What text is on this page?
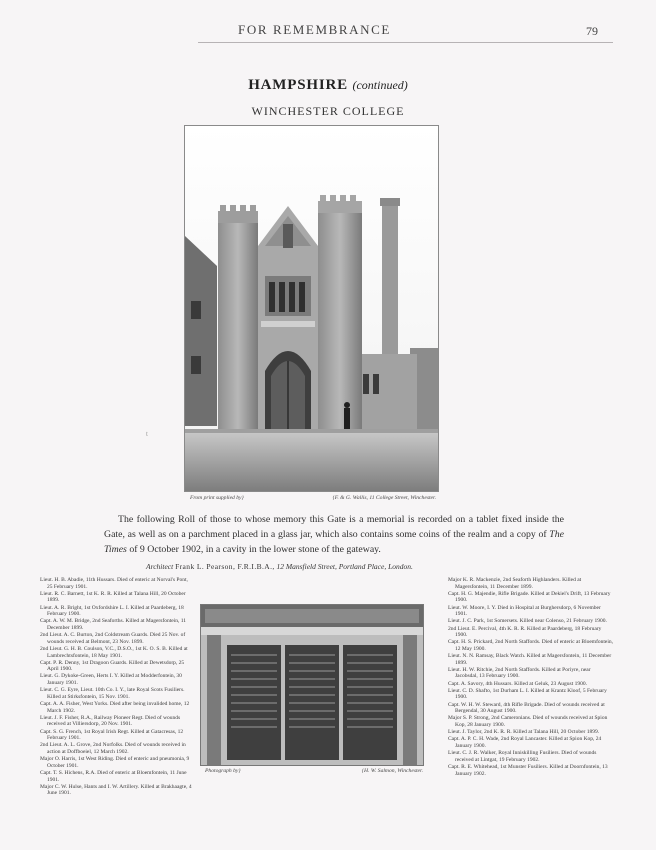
FOR REMEMBRANCE	79
HAMPSHIRE (continued)
WINCHESTER COLLEGE
From print supplied by}	{F. & G. Wallis, 11 College Street, Winchester.
t
The following Roll of those to whose memory this Gate is a memorial is recorded on a tablet fixed inside the Gate, as well as on a parchment placed in a glass jar, which also contains some coins of the realm and a copy of The Times of 9 October 1902, in a cavity in the lower stone of the gateway.
Architect Frank L. Pearson, F.R.I.B.A., 12 Mansfield Street, Portland Place, London.
Lieut. H. B. Abadie, 11th Hussars. Died of enteric at Norval's Pont, 25 February 1901.
Lieut. R. C. Barnett, 1st K. R. R. Killed at Talana Hill, 20 October 1899.
Lieut. A. R. Bright, 1st Oxfordshire L. I. Killed at Paardeberg, 18 February 1900.
Capt. A. W. M. Bridge, 2nd Seaforths. Killed at Magersfontein, 11 December 1899.
2nd Lieut. A. C. Burton, 2nd Coldstream Guards. Died 25 Nov. of wounds received at Belmont, 23 Nov. 1899.
2nd Lieut. G. H. B. Coulson, V.C., D.S.O., 1st K. O. S. B. Killed at Lambrechtsfontein, 18 May 1901.
Capt. P. R. Denny, 1st Dragoon Guards. Killed at Dewetsdorp, 25 April 1900.
Lieut. G. Dykoke-Green, Herts I. Y. Killed at Modderfontein, 30 January 1901.
Lieut. C. G. Eyre, Lieut. 10th Co. I. Y., late Royal Scots Fusiliers. Killed at Stirksfontein, 15 Nov. 1901.
Capt. A. A. Fisher, West Yorks. Died after being invalided home, 12 March 1902.
Lieut. J. F. Fisher, R.A., Railway Pioneer Regt. Died of wounds received at Villiersdorp, 20 Nov. 1901.
Capt. S. G. French, 1st Royal Irish Regt. Killed at Gatacresas, 12 February 1901.
2nd Lieut. A. L. Grove, 2nd Norfolks. Died of wounds received in action at Doffboeiel, 12 March 1902.
Major O. Harris, 1st West Riding. Died of enteric and pneumonia, 9 October 1901.
Capt. T. S. Hichens, R.A. Died of enteric at Bloemfontein, 11 June 1901.
Major C. W. Hulse, Hants and I. W. Artillery. Killed at Brakhaagte, 4 June 1901.
Photograph by}	{H. W. Salmon, Winchester.
Major K. R. Mackenzie, 2nd Seaforth Highlanders. Killed at Magersfontein, 11 December 1899.
Capt. H. G. Majendie, Rifle Brigade. Killed at Dekiel's Drift, 13 February 1900.
Lieut. W. Moore, I. Y. Died in Hospital at Burghersdorp, 6 November 1901.
Lieut. J. C. Park, 1st Somersets. Killed near Colenso, 21 February 1900.
2nd Lieut. E. Percival, 4th K. R. R. Killed at Paardeberg, 18 February 1900.
Capt. H. S. Prickard, 2nd North Staffords. Died of enteric at Bloemfontein, 12 May 1900.
Lieut. N. N. Ramsay, Black Watch. Killed at Magersfontein, 11 December 1899.
Lieut. H. W. Ritchie, 2nd North Staffords. Killed at Poriyre, near Jacobsdal, 13 February 1900.
Capt. A. Savory, 4th Hussars. Killed at Geluk, 23 August 1900.
Lieut. C. D. Shafto, 1st Durham L. I. Killed at Krantz Kloof, 5 February 1900.
Capt. W. H. W. Steward, 4th Rifle Brigade. Died of wounds received at Bergendal, 30 August 1900.
Major S. P. Strong, 2nd Cameronians. Died of wounds received at Spion Kop, 28 January 1900.
Lieut. J. Taylor, 2nd K. R. R. Killed at Talana Hill, 20 October 1899.
Capt. A. P. C. H. Wade, 2nd Royal Lancaster. Killed at Spion Kop, 24 January 1900.
Lieut. C. J. R. Walker, Royal Inniskilling Fusiliers. Died of wounds received at Lintgat, 19 February 1902.
Capt. R. E. Whitehead, 1st Munster Fusiliers. Killed at Doornfontein, 13 January 1902.
